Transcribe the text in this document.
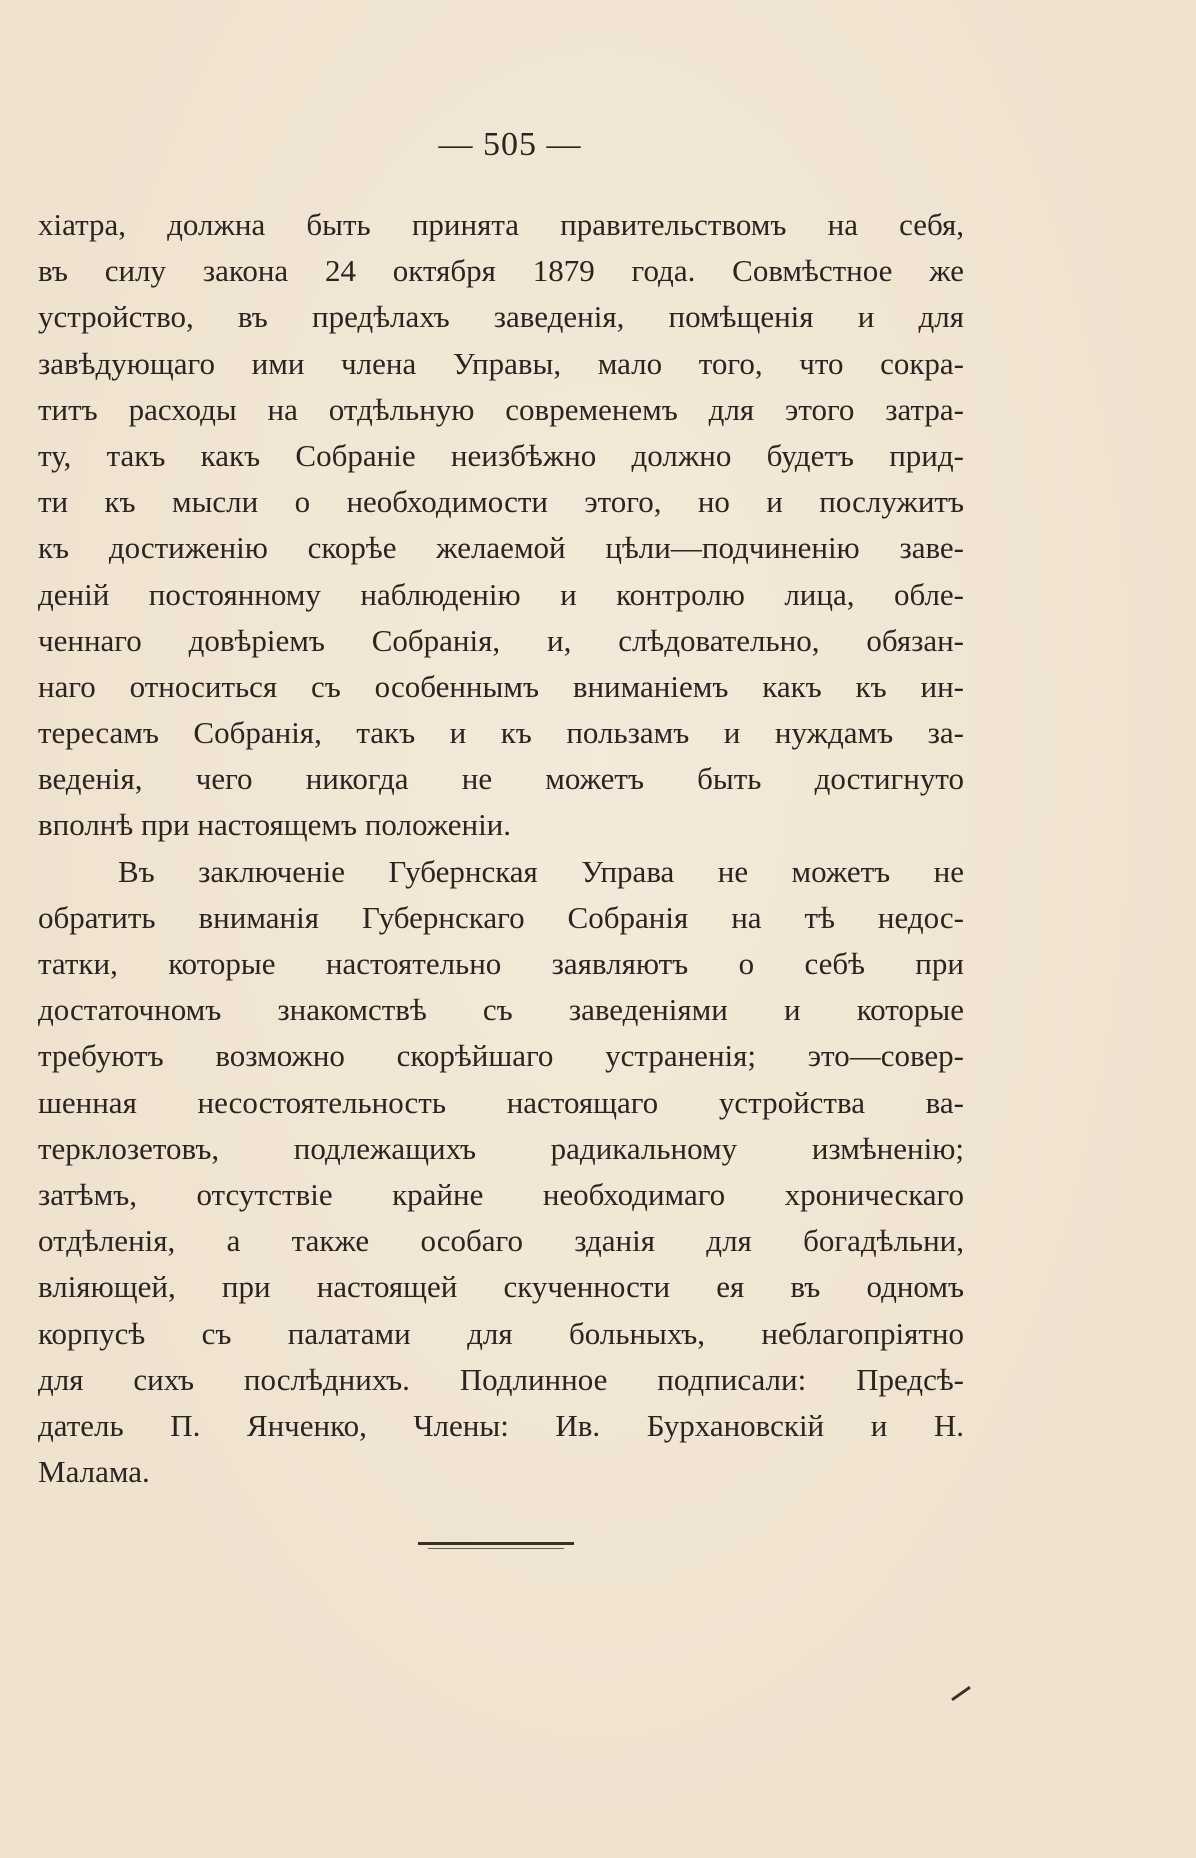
— 505 —
хіатра, должна быть принята правительствомъ на себя,
въ силу закона 24 октября 1879 года. Совмѣстное же
устройство, въ предѣлахъ заведенія, помѣщенія и для
завѣдующаго ими члена Управы, мало того, что сокра-
титъ расходы на отдѣльную современемъ для этого затра-
ту, такъ какъ Собраніе неизбѣжно должно будетъ прид-
ти къ мысли о необходимости этого, но и послужитъ
къ достиженію скорѣе желаемой цѣли—подчиненію заве-
деній постоянному наблюденію и контролю лица, обле-
ченнаго довѣріемъ Собранія, и, слѣдовательно, обязан-
наго относиться съ особеннымъ вниманіемъ какъ къ ин-
тересамъ Собранія, такъ и къ пользамъ и нуждамъ за-
веденія, чего никогда не можетъ быть достигнуто
вполнѣ при настоящемъ положеніи.
Въ заключеніе Губернская Управа не можетъ не
обратить вниманія Губернскаго Собранія на тѣ недос-
татки, которые настоятельно заявляютъ о себѣ при
достаточномъ знакомствѣ съ заведеніями и которые
требуютъ возможно скорѣйшаго устраненія; это—совер-
шенная несостоятельность настоящаго устройства ва-
терклозетовъ, подлежащихъ радикальному измѣненію;
затѣмъ, отсутствіе крайне необходимаго хроническаго
отдѣленія, а также особаго зданія для богадѣльни,
вліяющей, при настоящей скученности ея въ одномъ
корпусѣ съ палатами для больныхъ, неблагопріятно
для сихъ послѣднихъ. Подлинное подписали: Предсѣ-
датель П. Янченко, Члены: Ив. Бурхановскій и Н.
Малама.
